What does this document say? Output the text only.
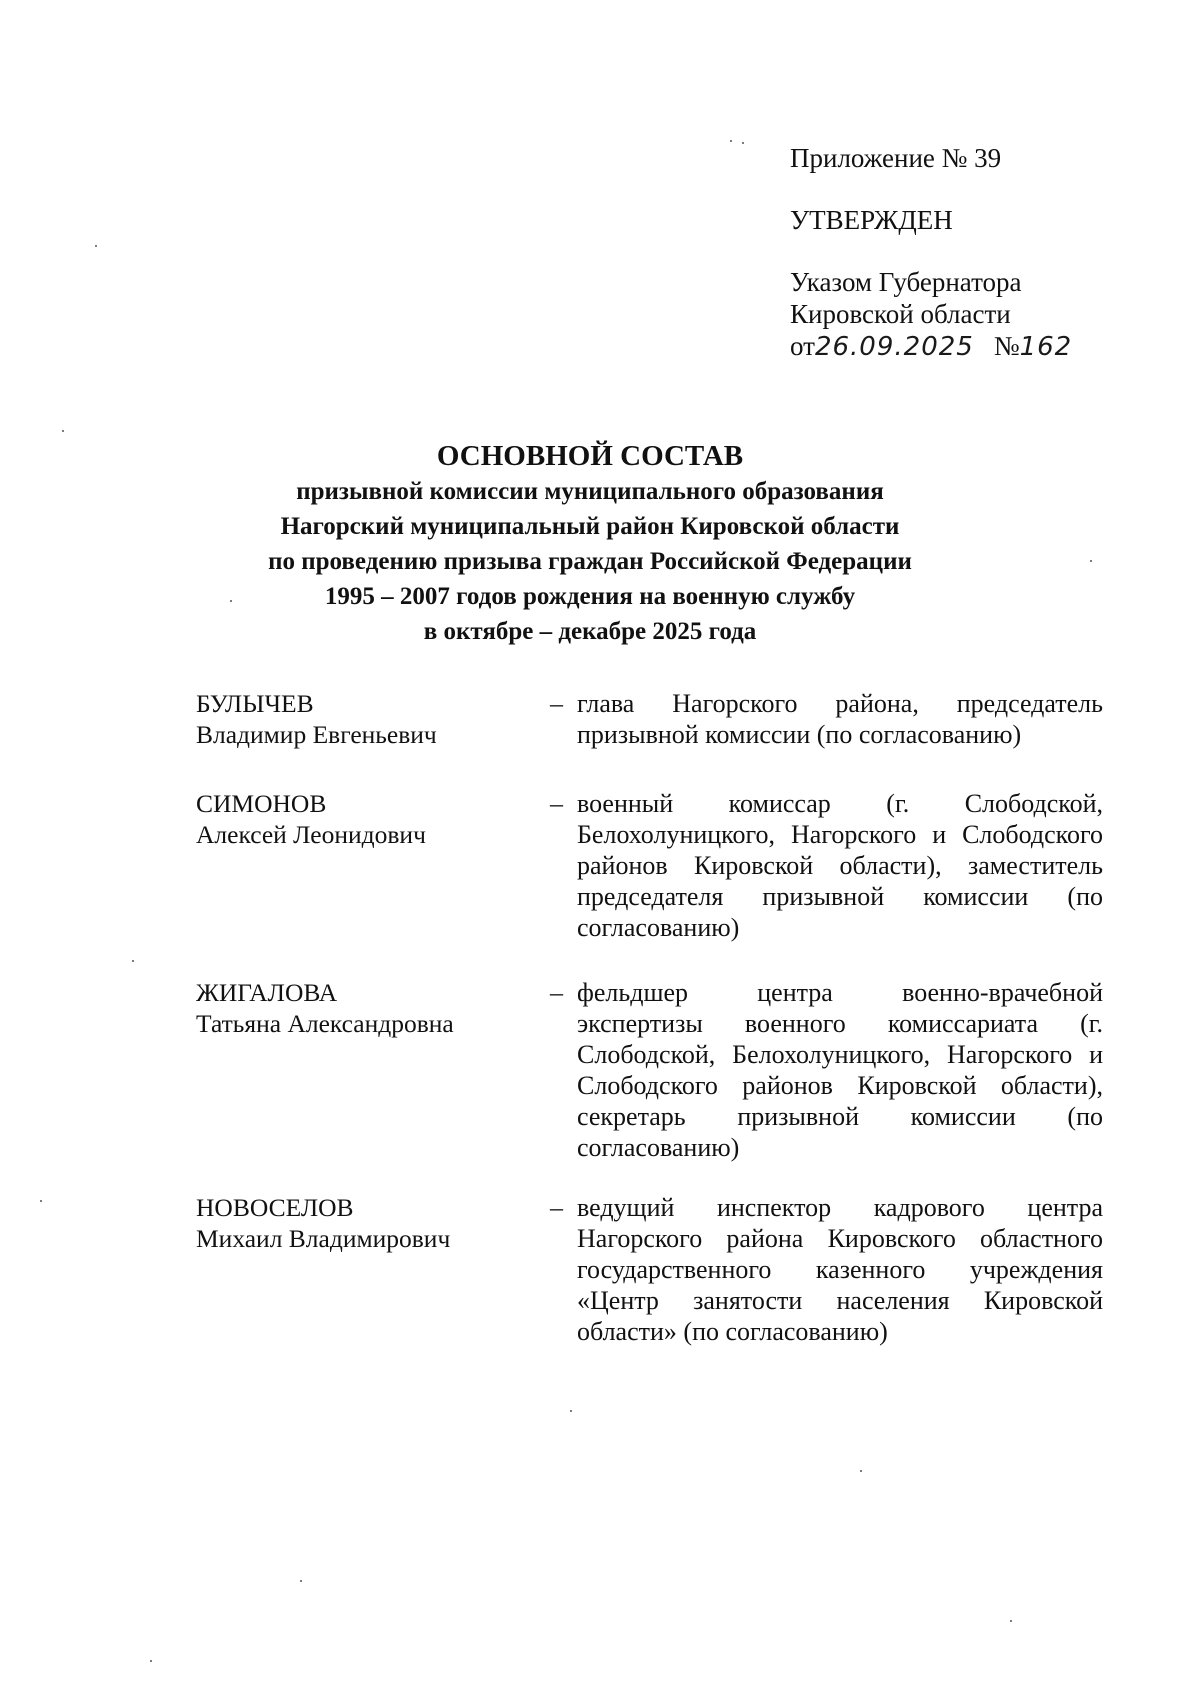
Приложение № 39

УТВЕРЖДЕН

Указом Губернатора
Кировской области
от26.09.2025 №162

ОСНОВНОЙ СОСТАВ

призывной комиссии муниципального образования

Нагорский муниципальный район Кировской области

по проведению призыва граждан Российской Федерации

1995 – 2007 годов рождения на военную службу

в октябре – декабре 2025 года

БУЛЫЧЕВ
Владимир Евгеньевич
– глава Нагорского района, председатель призывной комиссии (по согласованию)
СИМОНОВ
Алексей Леонидович
– военный комиссар (г. Слободской, Белохолуницкого, Нагорского и Слободского районов Кировской области), заместитель председателя призывной комиссии (по согласованию)
ЖИГАЛОВА
Татьяна Александровна
– фельдшер центра военно-врачебной экспертизы военного комиссариата (г. Слободской, Белохолуницкого, Нагорского и Слободского районов Кировской области), секретарь призывной комиссии (по согласованию)
НОВОСЕЛОВ
Михаил Владимирович
– ведущий инспектор кадрового центра Нагорского района Кировского областного государственного казенного учреждения «Центр занятости населения Кировской области» (по согласованию)
